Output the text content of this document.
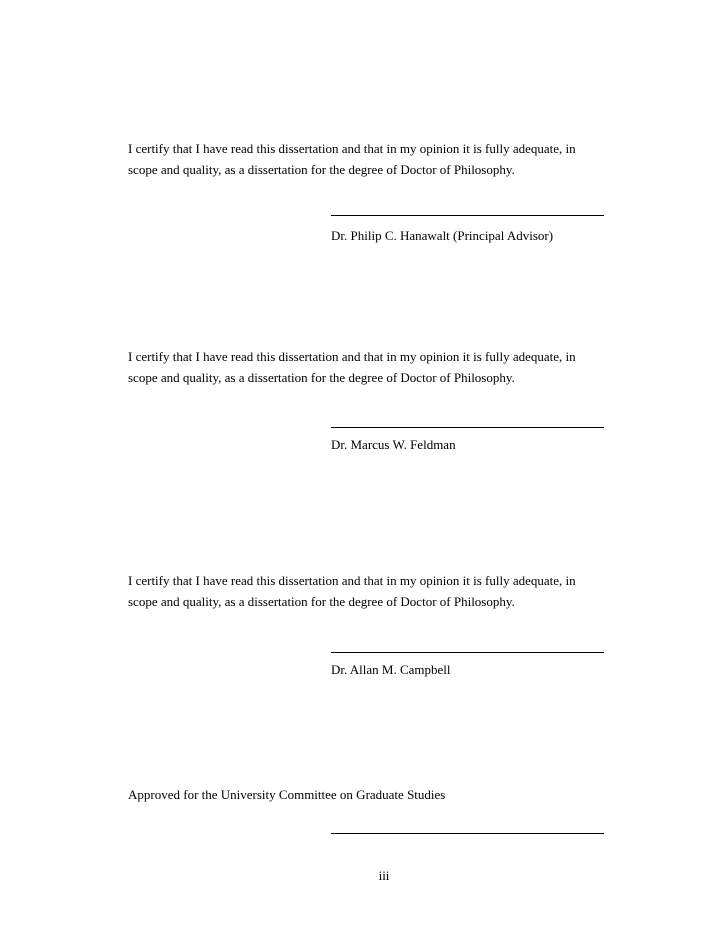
I certify that I have read this dissertation and that in my opinion it is fully adequate, in
scope and quality, as a dissertation for the degree of Doctor of Philosophy.

Dr. Philip C. Hanawalt (Principal Advisor)

I certify that I have read this dissertation and that in my opinion it is fully adequate, in
scope and quality, as a dissertation for the degree of Doctor of Philosophy.

Dr. Marcus W. Feldman

I certify that I have read this dissertation and that in my opinion it is fully adequate, in
scope and quality, as a dissertation for the degree of Doctor of Philosophy.

Dr. Allan M. Campbell

Approved for the University Committee on Graduate Studies

iii
